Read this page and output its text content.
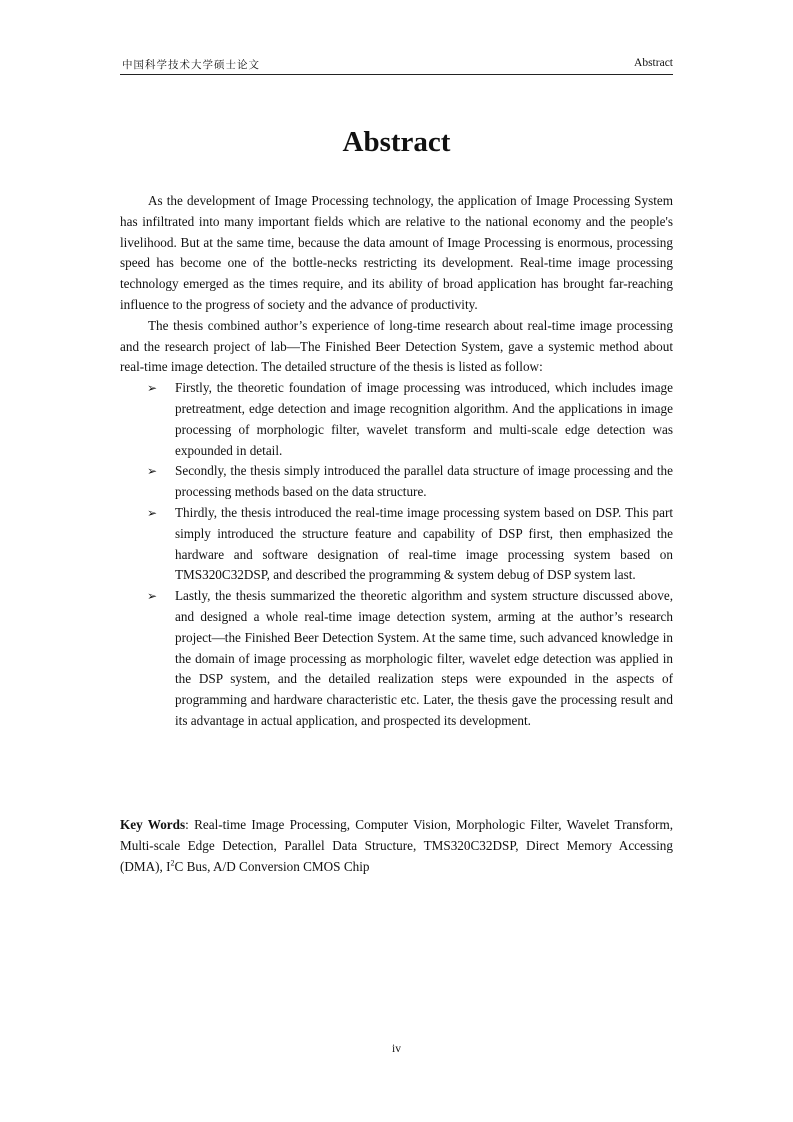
中国科学技术大学硕士论文	Abstract
Abstract

As the development of Image Processing technology, the application of Image Processing System has infiltrated into many important fields which are relative to the national economy and the people's livelihood. But at the same time, because the data amount of Image Processing is enormous, processing speed has become one of the bottle-necks restricting its development. Real-time image processing technology emerged as the times require, and its ability of broad application has brought far-reaching influence to the progress of society and the advance of productivity.

The thesis combined author’s experience of long-time research about real-time image processing and the research project of lab—The Finished Beer Detection System, gave a systemic method about real-time image detection. The detailed structure of the thesis is listed as follow:

➢ Firstly, the theoretic foundation of image processing was introduced, which includes image pretreatment, edge detection and image recognition algorithm. And the applications in image processing of morphologic filter, wavelet transform and multi-scale edge detection was expounded in detail.
➢ Secondly, the thesis simply introduced the parallel data structure of image processing and the processing methods based on the data structure.
➢ Thirdly, the thesis introduced the real-time image processing system based on DSP. This part simply introduced the structure feature and capability of DSP first, then emphasized the hardware and software designation of real-time image processing system based on TMS320C32DSP, and described the programming & system debug of DSP system last.
➢ Lastly, the thesis summarized the theoretic algorithm and system structure discussed above, and designed a whole real-time image detection system, arming at the author’s research project—the Finished Beer Detection System. At the same time, such advanced knowledge in the domain of image processing as morphologic filter, wavelet edge detection was applied in the DSP system, and the detailed realization steps were expounded in the aspects of programming and hardware characteristic etc. Later, the thesis gave the processing result and its advantage in actual application, and prospected its development.
Key Words: Real-time Image Processing, Computer Vision, Morphologic Filter, Wavelet Transform, Multi-scale Edge Detection, Parallel Data Structure, TMS320C32DSP, Direct Memory Accessing (DMA), $I^2C$ Bus, A/D Conversion CMOS Chip
iv
